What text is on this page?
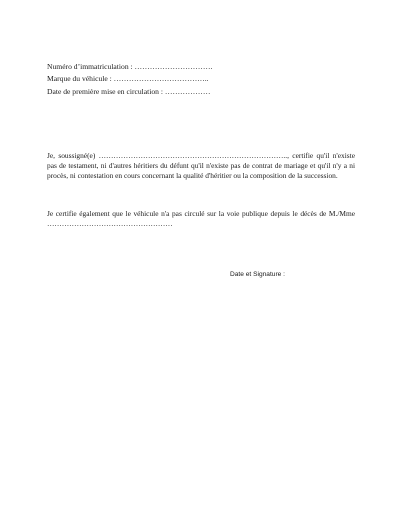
Numéro d’immatriculation : ………………………….
Marque du véhicule : ………………………………..
Date de première mise en circulation : ………………

Je, soussigné(e) ………………………………………………………………….., certifie qu'il n'existe pas de testament, ni d'autres héritiers du défunt qu'il n'existe pas de contrat de mariage et qu'il n'y a ni procès, ni contestation en cours concernant la qualité d'héritier ou la composition de la succession.

Je certifie également que le véhicule n'a pas circulé sur la voie publique depuis le décès de M./Mme ……………………………………………

Date et Signature :
